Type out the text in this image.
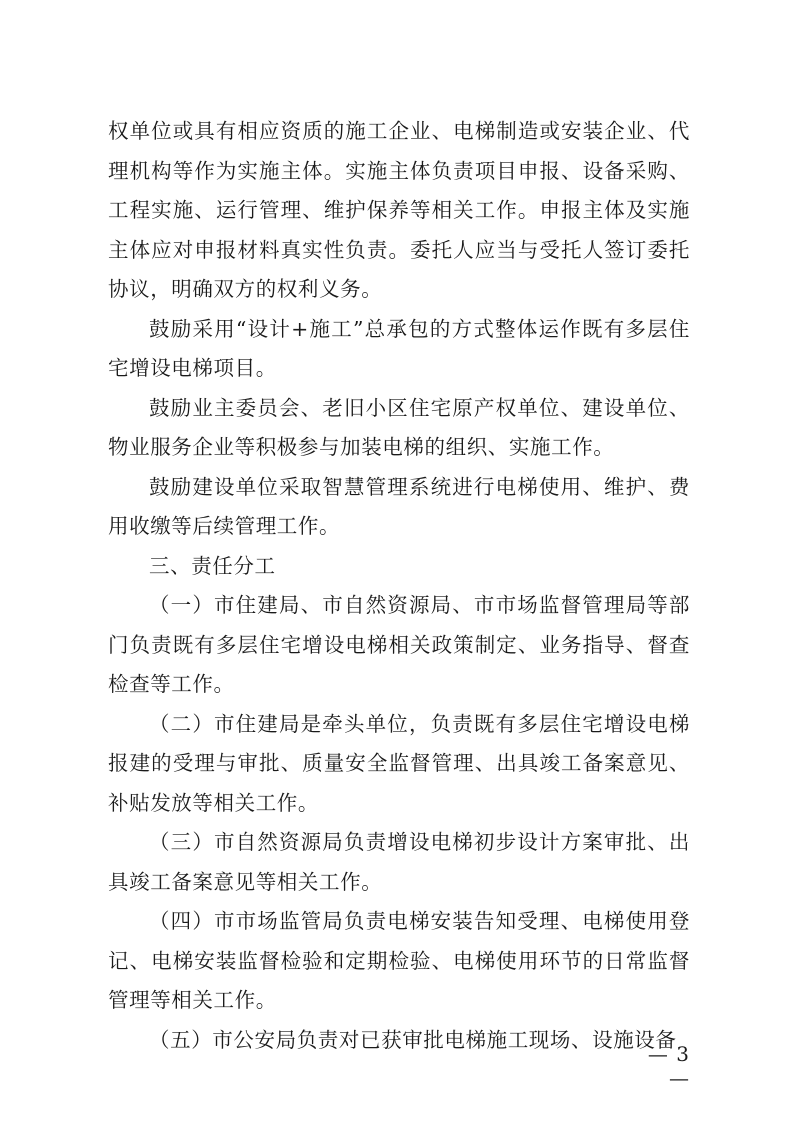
权单位或具有相应资质的施工企业、电梯制造或安装企业、代理机构等作为实施主体。实施主体负责项目申报、设备采购、工程实施、运行管理、维护保养等相关工作。申报主体及实施主体应对申报材料真实性负责。委托人应当与受托人签订委托协议，明确双方的权利义务。

鼓励采用“设计+施工”总承包的方式整体运作既有多层住宅增设电梯项目。

鼓励业主委员会、老旧小区住宅原产权单位、建设单位、物业服务企业等积极参与加装电梯的组织、实施工作。

鼓励建设单位采取智慧管理系统进行电梯使用、维护、费用收缴等后续管理工作。

三、责任分工

（一）市住建局、市自然资源局、市市场监督管理局等部门负责既有多层住宅增设电梯相关政策制定、业务指导、督查检查等工作。

（二）市住建局是牵头单位，负责既有多层住宅增设电梯报建的受理与审批、质量安全监督管理、出具竣工备案意见、补贴发放等相关工作。

（三）市自然资源局负责增设电梯初步设计方案审批、出具竣工备案意见等相关工作。

（四）市市场监管局负责电梯安装告知受理、电梯使用登记、电梯安装监督检验和定期检验、电梯使用环节的日常监督管理等相关工作。

（五）市公安局负责对已获审批电梯施工现场、设施设备

— 3 —
